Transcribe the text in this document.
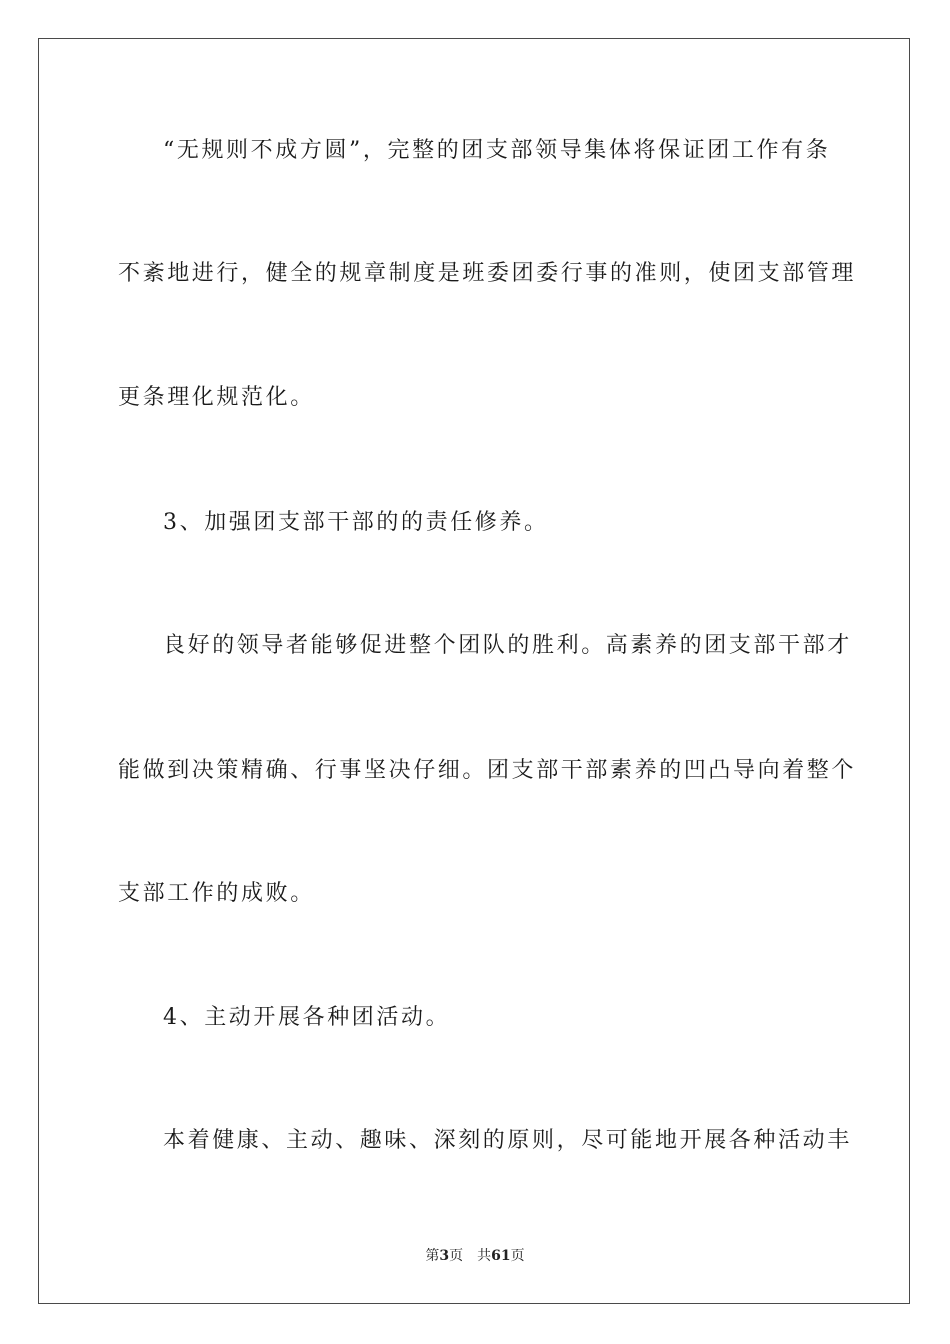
“无规则不成方圆”，完整的团支部领导集体将保证团工作有条
不紊地进行，健全的规章制度是班委团委行事的准则，使团支部管理
更条理化规范化。
3、加强团支部干部的的责任修养。
良好的领导者能够促进整个团队的胜利。高素养的团支部干部才
能做到决策精确、行事坚决仔细。团支部干部素养的凹凸导向着整个
支部工作的成败。
4、主动开展各种团活动。
本着健康、主动、趣味、深刻的原则，尽可能地开展各种活动丰
第3页 共61页
